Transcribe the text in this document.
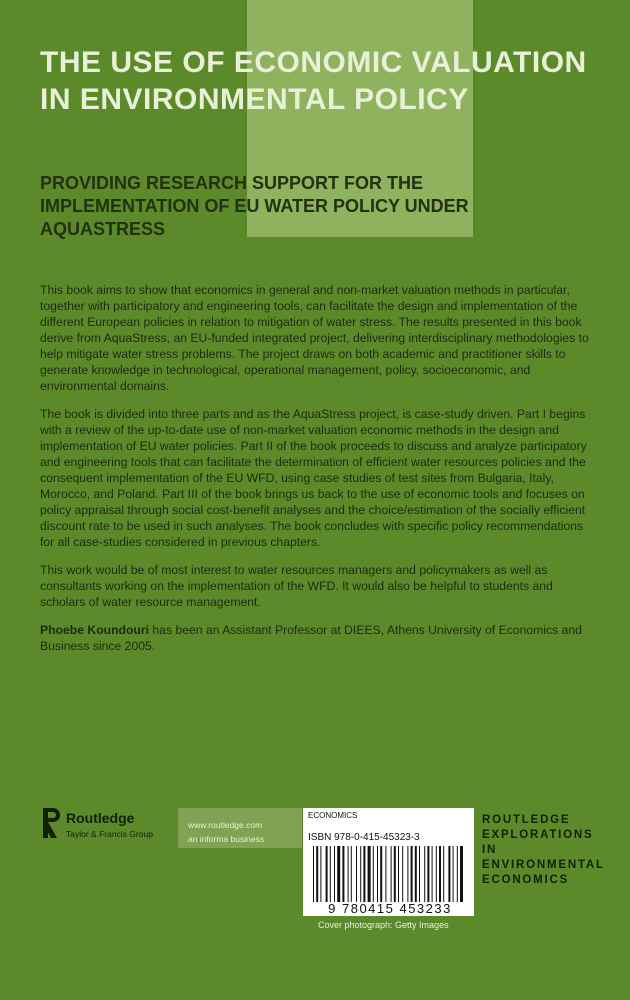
THE USE OF ECONOMIC VALUATION IN ENVIRONMENTAL POLICY
PROVIDING RESEARCH SUPPORT FOR THE IMPLEMENTATION OF EU WATER POLICY UNDER AQUASTRESS

This book aims to show that economics in general and non-market valuation methods in particular, together with participatory and engineering tools, can facilitate the design and implementation of the different European policies in relation to mitigation of water stress. The results presented in this book derive from AquaStress, an EU-funded integrated project, delivering interdisciplinary methodologies to help mitigate water stress problems. The project draws on both academic and practitioner skills to generate knowledge in technological, operational management, policy, socioeconomic, and environmental domains.

The book is divided into three parts and as the AquaStress project, is case-study driven. Part I begins with a review of the up-to-date use of non-market valuation economic methods in the design and implementation of EU water policies. Part II of the book proceeds to discuss and analyze participatory and engineering tools that can facilitate the determination of efficient water resources policies and the consequent implementation of the EU WFD, using case studies of test sites from Bulgaria, Italy, Morocco, and Poland. Part III of the book brings us back to the use of economic tools and focuses on policy appraisal through social cost-benefit analyses and the choice/estimation of the socially efficient discount rate to be used in such analyses. The book concludes with specific policy recommendations for all case-studies considered in previous chapters.

This work would be of most interest to water resources managers and policymakers as well as consultants working on the implementation of the WFD. It would also be helpful to students and scholars of water resource management.

Phoebe Koundouri has been an Assistant Professor at DIEES, Athens University of Economics and Business since 2005.

Routledge
Taylor & Francis Group
www.routledge.com
an informa business
ECONOMICS
ISBN 978-0-415-45323-3
9 780415 453233
Cover photograph: Getty Images
ROUTLEDGE
EXPLORATIONS
IN
ENVIRONMENTAL
ECONOMICS
